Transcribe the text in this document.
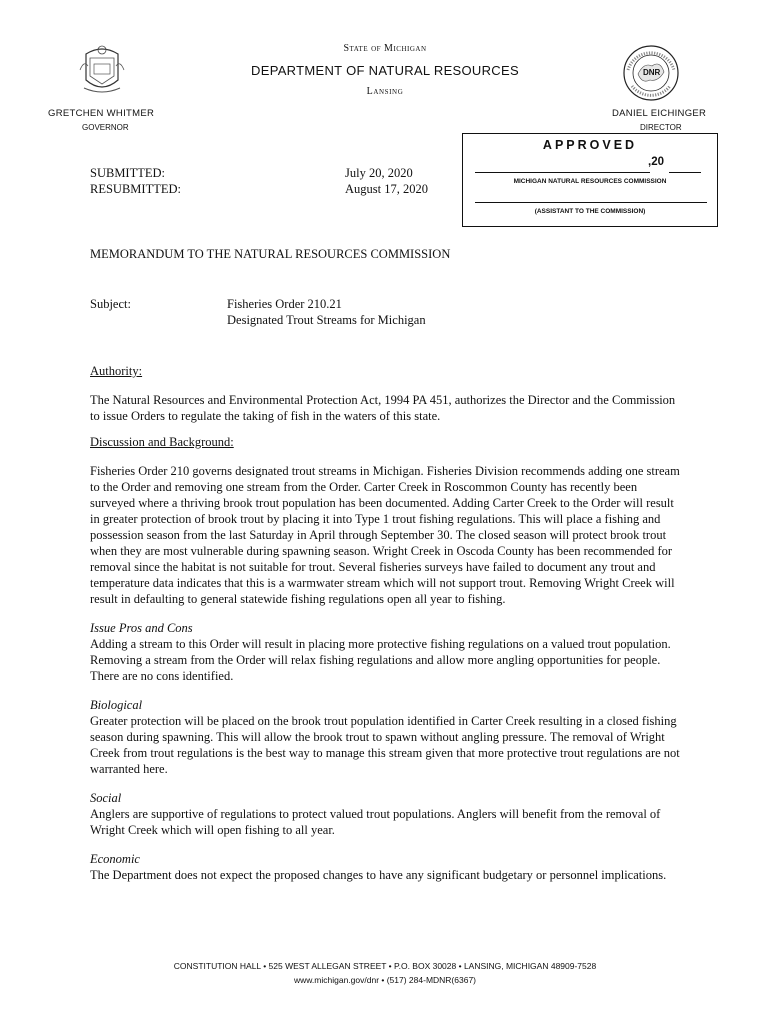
DNR
State of Michigan
DEPARTMENT OF NATURAL RESOURCES
Lansing
GRETCHEN WHITMER
GOVERNOR
DANIEL EICHINGER
DIRECTOR
APPROVED
,20
MICHIGAN NATURAL RESOURCES COMMISSION
(ASSISTANT TO THE COMMISSION)
SUBMITTED:
RESUBMITTED:
July 20, 2020
August 17, 2020
MEMORANDUM TO THE NATURAL RESOURCES COMMISSION
Subject:	Fisheries Order 210.21
Designated Trout Streams for Michigan

Authority:

The Natural Resources and Environmental Protection Act, 1994 PA 451, authorizes the Director and the Commission to issue Orders to regulate the taking of fish in the waters of this state.

Discussion and Background:

Fisheries Order 210 governs designated trout streams in Michigan. Fisheries Division recommends adding one stream to the Order and removing one stream from the Order. Carter Creek in Roscommon County has recently been surveyed where a thriving brook trout population has been documented. Adding Carter Creek to the Order will result in greater protection of brook trout by placing it into Type 1 trout fishing regulations. This will place a fishing and possession season from the last Saturday in April through September 30. The closed season will protect brook trout when they are most vulnerable during spawning season. Wright Creek in Oscoda County has been recommended for removal since the habitat is not suitable for trout. Several fisheries surveys have failed to document any trout and temperature data indicates that this is a warmwater stream which will not support trout. Removing Wright Creek will result in defaulting to general statewide fishing regulations open all year to fishing.

Issue Pros and Cons

Adding a stream to this Order will result in placing more protective fishing regulations on a valued trout population. Removing a stream from the Order will relax fishing regulations and allow more angling opportunities for people. There are no cons identified.

Biological

Greater protection will be placed on the brook trout population identified in Carter Creek resulting in a closed fishing season during spawning. This will allow the brook trout to spawn without angling pressure. The removal of Wright Creek from trout regulations is the best way to manage this stream given that more protective trout regulations are not warranted here.

Social

Anglers are supportive of regulations to protect valued trout populations. Anglers will benefit from the removal of Wright Creek which will open fishing to all year.

Economic

The Department does not expect the proposed changes to have any significant budgetary or personnel implications.

CONSTITUTION HALL • 525 WEST ALLEGAN STREET • P.O. BOX 30028 • LANSING, MICHIGAN 48909-7528
www.michigan.gov/dnr • (517) 284-MDNR(6367)
